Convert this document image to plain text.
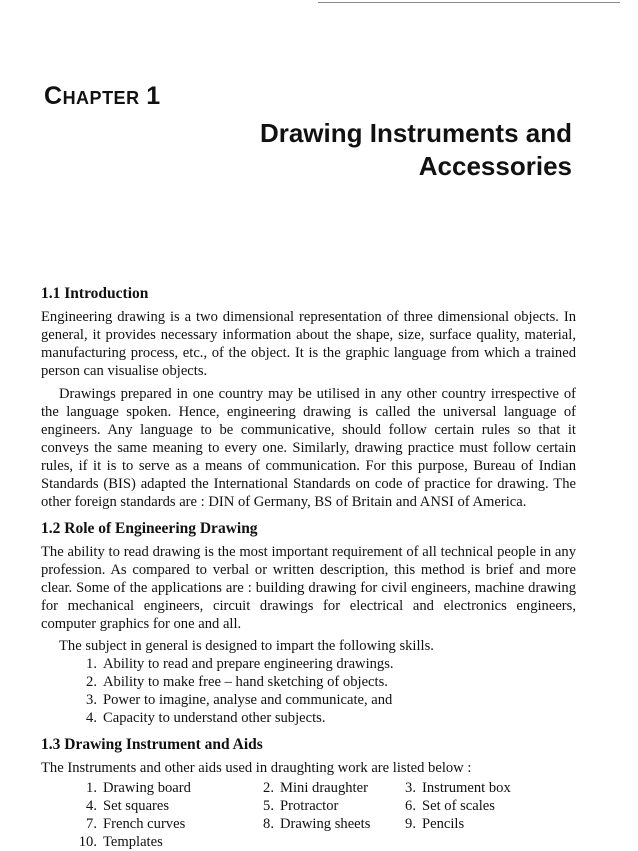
CHAPTER 1
Drawing Instruments and
Accessories
1.1 Introduction

Engineering drawing is a two dimensional representation of three dimensional objects. In general, it provides necessary information about the shape, size, surface quality, material, manufacturing process, etc., of the object. It is the graphic language from which a trained person can visualise objects.

Drawings prepared in one country may be utilised in any other country irrespective of the language spoken. Hence, engineering drawing is called the universal language of engineers. Any language to be communicative, should follow certain rules so that it conveys the same meaning to every one. Similarly, drawing practice must follow certain rules, if it is to serve as a means of communication. For this purpose, Bureau of Indian Standards (BIS) adapted the International Standards on code of practice for drawing. The other foreign standards are : DIN of Germany, BS of Britain and ANSI of America.

1.2 Role of Engineering Drawing

The ability to read drawing is the most important requirement of all technical people in any profession. As compared to verbal or written description, this method is brief and more clear. Some of the applications are : building drawing for civil engineers, machine drawing for mechanical engineers, circuit drawings for electrical and electronics engineers, computer graphics for one and all.

The subject in general is designed to impart the following skills.

1. Ability to read and prepare engineering drawings.
2. Ability to make free – hand sketching of objects.
3. Power to imagine, analyse and communicate, and
4. Capacity to understand other subjects.
1.3 Drawing Instrument and Aids

The Instruments and other aids used in draughting work are listed below :

1. Drawing board	2. Mini draughter	3. Instrument box
4. Set squares	5. Protractor	6. Set of scales
7. French curves	8. Drawing sheets	9. Pencils
10. Templates
